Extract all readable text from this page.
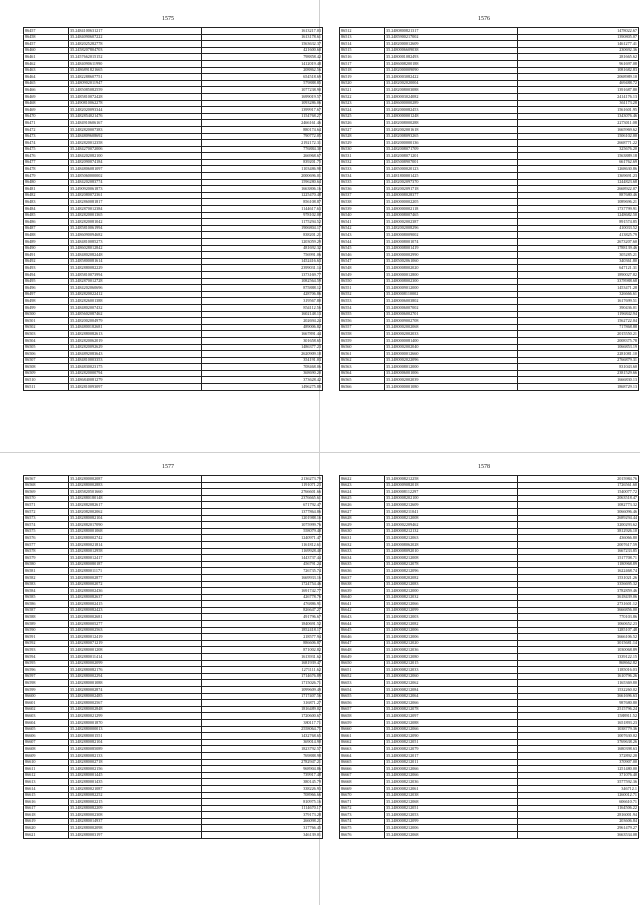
1575
86457	35.2484100631217	1613217.03
86458	35.2484090607222	1613178.61
86457	35.2482025282778	1563632.37
86460	35.2458207804703	421600.60
86461	35.2457662015152	798858.42
86462	35.2484090611990	1412019.48
86463	35.2486891821665	208862.56
86464	35.2482288607751	654518.69
86465	35.2480902011947	579888.85
86466	35.2485085082559	1077238.90
86469	35.2485810072428	1699019.57
86468	35.2490810062278	1093286.06
86469	35.2482020093344	1399917.67
86470	35.2482854021476	1154768.27
86471	35.2484910606167	2466161.46
86472	35.2482820007383	880174.64
86473	35.2484809608692	790772.05
86474	35.2482820012358	2192172.31
86475	35.2484270072006	776884.30
86476	35.2484202082100	266968.67
86477	35.2482090074184	839201.75
86478	35.2484806081097	1103486.98
86479	35.2485060000002	2000696.01
86480	35.2484202083774	1596280.64
86481	35.2490920061873	1663806.16
86482	35.2482080072361	1225470.48
86483	35.2482860081817	856108.87
86484	35.2482870012384	1144617.63
86485	35.2482820001365	978102.00
86486	35.2482820081042	1175294.52
86487	35.2485810061994	1906804.17
86488	35.2486090094682	838201.21
86489	35.2484810085273	1203059.29
86490	35.2486028012842	481692.32
86491	35.2484802082448	756991.06
86492	35.2485800081614	1452416.63
86493	35.2482880082229	2399031.14
86494	35.2485810073994	1373169.77
86495	35.2482870012728	1082564.59
86496	35.2484202060696	875888.12
86497	35.2482820022412	428706.86
86498	35.2482826001388	319567.80
86499	35.2484802007432	854112.56
86500	35.2485602087462	1602148.13
86501	35.2482002004979	202694.24
86502	35.2484800182681	489006.82
86503	35.2482880082613	1667891.44
86504	35.2482820062019	301658.65
86505	35.2482820092629	1486377.23
86506	35.2484892083643	2620909.18
86507	35.2484810003353	354191.03
86508	35.2484830023175	708468.06
86509	35.2482820000794	368690.20
86510	35.2486840081279	373628.42
86511	35.2482810093097	1496275.88
1576
86512	35.2480800821317	1478022.67
86513	35.2485900217002	1390805.07
86514	35.2482000012609	1461277.41
86515	35.2480006609038	230692.36
86516	35.2480001082493	281665.62
86517	35.2486008200188	961697.08
86518	35.2482000009090	1081682.83
86519	35.2480003082422	2068989.10
86520	35.2482002020004	469488.72
86521	35.2482008003088	1391687.80
86522	35.2480003024082	2414176.13
86523	35.2486000000289	361173.28
86524	35.2482000082453	1561601.95
86525	35.2480000001248	1343076.46
86526	35.2482008000288	2273011.08
86527	35.2482002001618	1665969.62
86528	35.2482008093265	1506102.00
86529	35.2482000000136	2668771.22
86530	35.2482008071709	325676.20
86531	35.2482008071201	1563889.18
86532	35.2485008907001	661762.69
86533	35.2485000020123	1268630.86
86534	35.2481800001425	1369691.23
86535	35.2482002097370	1244823.68
86536	35.2482002091718	2668922.07
86537	35.2480008028377	887680.46
86538	35.2480000002205	1089696.21
86539	35.2480000002118	1737799.91
86540	35.2480008007465	1248682.50
86541	35.2480002002387	891574.85
86542	35.2482002008296	410033.52
86543	35.2480008009002	413825.79
86544	35.2480008001074	2673207.60
86545	35.2480008001419	1788139.46
86546	35.2480000002990	305285.21
86547	35.2485002061060	340361.80
86548	35.2480008002020	647121.31
86549	35.2480000012800	1890027.82
86550	35.2480008002300	3378988.68
86551	35.2480009012000	1453471.28
86552	35.2480008110002	326666.61
86553	35.2480006003802	1617699.51
86554	35.2480006007002	390436.01
86555	35.2480006002701	1196842.94
86556	35.2480009002708	1562722.04
86557	35.2480002002068	717868.88
86558	35.2480002002033	2015550.21
86559	35.2480000081400	2008375.78
86560	35.2480002002040	1066853.19
86561	35.2480000012660	2281081.10
86562	35.2480002022096	2766879.31
86563	35.2480008012000	831043.60
86564	35.2480006001006	2381529.66
86565	35.2480002002039	1666830.13
86566	35.2480000001080	1868729.13
1577
86567	35.2482800002087	2136273.79
86568	35.2482880002883	1191071.23
86569	35.2485820501660	2766601.66
86570	35.2482880180148	2376665.61
86571	35.2482882082617	671792.47
86572	35.2482082002062	1377864.86
86573	35.2482880082104	1201988.16
86574	35.2482882017090	1075999.76
86575	35.2482880001068	558079.40
86576	35.2482880002742	1240971.47
86577	35.2482880021814	1161812.61
86578	35.2482880012958	1169928.40
86579	35.2482880012417	1443737.44
86580	35.2482880080187	456791.24
86581	35.2482880011171	726735.74
86582	35.2482880002877	1669933.16
86583	35.2482880002072	1724754.46
86584	35.2482880002436	1691742.77
86585	35.2482880082637	426778.76
86586	35.2482880002415	476886.91
86587	35.2482880082423	826647.27
86588	35.2482880002681	491796.67
86589	35.2482880005277	1840691.52
86590	35.2482880002563	1852418.17
86591	35.2482880012419	218577.94
86592	35.2482880071219	886606.87
86593	35.2482880001208	871002.82
86594	35.2482880011414	1613931.62
86595	35.2482880002099	1681939.47
86596	35.2482880082176	1271111.62
86597	35.2482880002294	1714676.89
86598	35.2482880001088	1715026.71
86599	35.2482880002874	1099609.49
86600	35.2482880002485	1717407.56
86601	35.2482880002567	316871.27
86602	35.2482880002848	1816489.02
86603	35.2482880021299	1720600.67
86604	35.2482880001870	380117.71
86605	35.2482880000013	2558064.75
86606	35.2482880001551	1432768.65
86607	35.2482880082104	369014.90
86608	35.2482880085089	1823792.57
86609	35.2482880082133	769888.98
86610	35.2482880002718	2782947.21
86611	35.2482880002156	968904.86
86612	35.2482880001445	739917.48
86613	35.2482880001435	380145.79
86614	35.2482880021087	338226.93
86615	35.2482880082252	708966.66
86616	35.2482880002215	810975.16
86617	35.2482880082209	1114670.17
86618	35.2482880002308	379173.28
86619	35.2482880014937	266098.21
86620	35.2482880002098	317766.45
86621	35.2482880003197	346139.01
1578
86622	35.2480008212258	2015984.76
86623	35.2480009082018	1726561.60
86624	35.2480008112297	1540077.72
86625	35.2480008202100	2063518.47
86626	35.2480008212609	1082773.32
86627	35.2480008211041	3066096.46
86628	35.2480008212008	2689294.44
86629	35.2480002209462	3200293.62
86630	35.2480008212132	3812926.10
86631	35.2480008212063	436066.80
86632	35.2480008062028	2007617.59
86633	35.2480008092010	1667233.85
86634	35.2480008212008	1517708.71
86635	35.2480008212078	1180968.89
86636	35.2480008212096	1622468.74
86637	35.2480008202082	1531021.26
86638	35.2480008212083	3356695.32
86639	35.2480008212000	3782859.46
86640	35.2480008212032	3618439.06
86641	35.2480008212066	2731601.12
86642	35.2480008212099	3666856.00
86643	35.2480008212003	770103.86
86644	35.2480008212082	1060652.23
86645	35.2480008212006	1285107.48
86646	35.2480008212006	3666106.52
86647	35.2480008212020	3015681.14
86648	35.2480008212036	1030068.89
86649	35.2480008212080	1339122.15
86650	35.2480008212015	868662.82
86651	35.2480008212033	1185016.03
86652	35.2480008212060	1610796.26
86653	35.2480008212062	1165369.80
86654	35.2480008212084	1532260.02
86655	35.2480008212064	3661696.63
86656	35.2480008212066	987680.80
86657	35.2480008212078	2515796.24
86658	35.2480008212097	1588911.52
86659	35.2480008212088	1651893.23
86660	35.2480008212066	1038779.36
86661	35.2480008212090	1007630.02
86662	35.2480008212051	3769638.26
86663	35.2480008212079	1680398.63
86664	35.2480008212017	372892.20
86665	35.2480008212011	370907.00
86666	35.2480008212066	1251480.00
86667	35.2480008212066	371076.40
86668	35.2480008212036	3577592.36
86669	35.2480008212061	346712.1
86670	35.2480008212038	1260012.71
86671	35.2480008212068	606610.71
86672	35.2480008212051	1164506.22
86673	35.2480008212053	2816001.94
86674	35.2480008212099	203606.84
86675	35.2480008212006	2961479.27
86676	35.2480008212068	3663534.08
